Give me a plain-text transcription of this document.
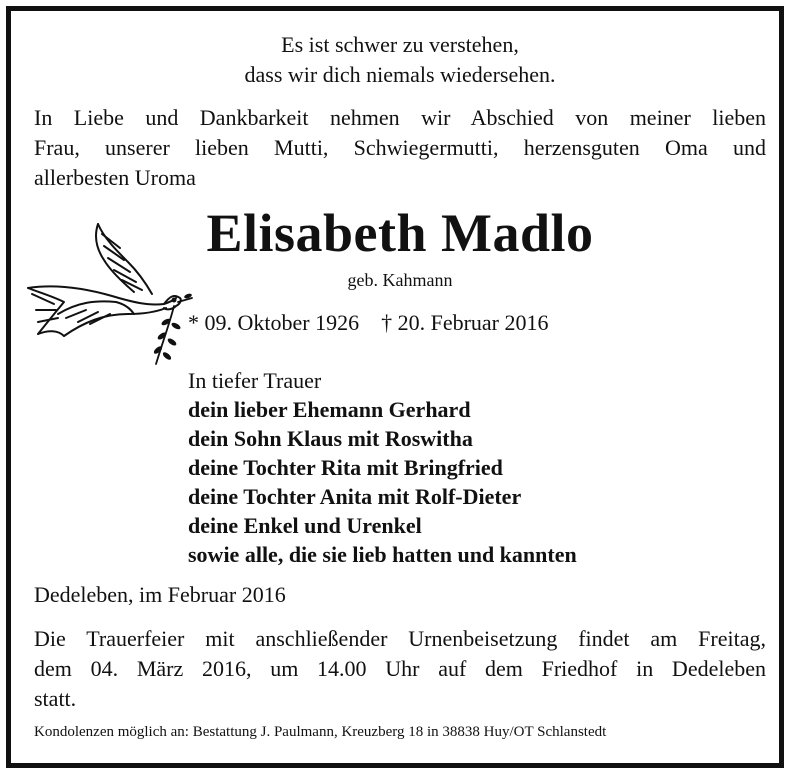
Es ist schwer zu verstehen,
dass wir dich niemals wiedersehen.
In Liebe und Dankbarkeit nehmen wir Abschied von meiner lieben
Frau, unserer lieben Mutti, Schwiegermutti, herzensguten Oma und
allerbesten Uroma
Elisabeth Madlo
geb. Kahmann
* 09. Oktober 1926 † 20. Februar 2016
In tiefer Trauer
dein lieber Ehemann Gerhard
dein Sohn Klaus mit Roswitha
deine Tochter Rita mit Bringfried
deine Tochter Anita mit Rolf-Dieter
deine Enkel und Urenkel
sowie alle, die sie lieb hatten und kannten
Dedeleben, im Februar 2016
Die Trauerfeier mit anschließender Urnenbeisetzung findet am Freitag,
dem 04. März 2016, um 14.00 Uhr auf dem Friedhof in Dedeleben
statt.
Kondolenzen möglich an: Bestattung J. Paulmann, Kreuzberg 18 in 38838 Huy/OT Schlanstedt
